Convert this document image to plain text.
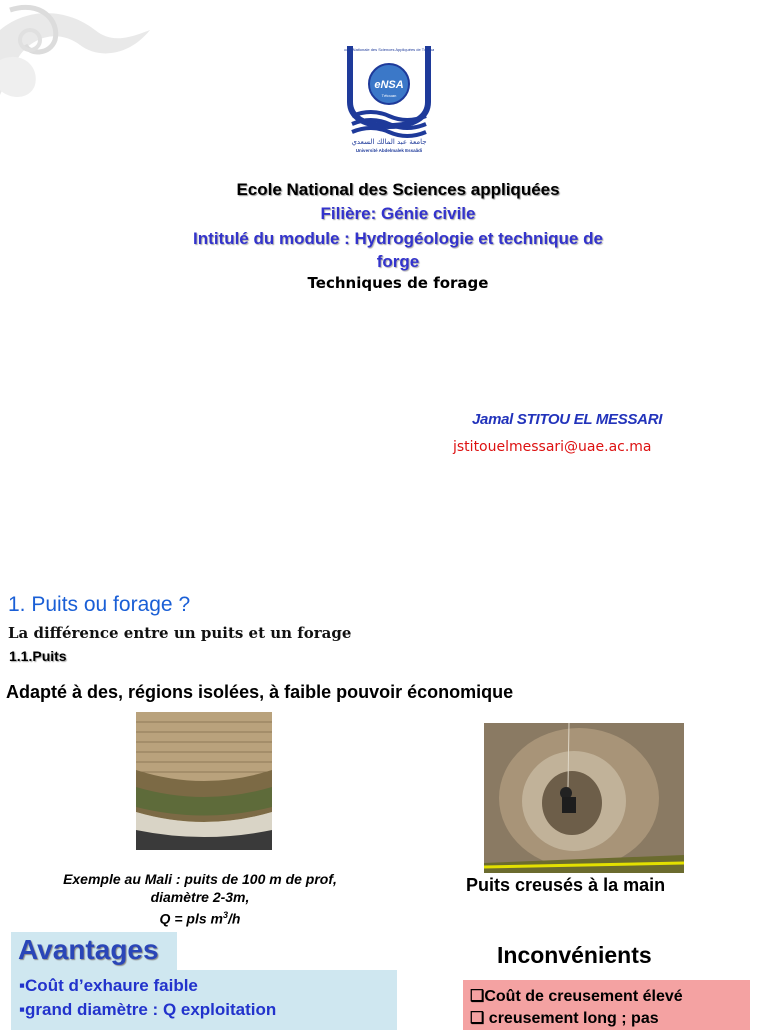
Ecole Nationale des Sciences Appliquées de Tétouan
eNSA
Tétouan
جامعة عبد المالك السعدي
Université Abdelmalek Essaâdi
Ecole National des Sciences appliquées
Filière: Génie civile
Intitulé du module : Hydrogéologie et technique de
forge
Techniques de forage
Jamal STITOU EL MESSARI
jstitouelmessari@uae.ac.ma
1. Puits ou forage ?
La différence entre un puits et un forage
1.1.Puits
Adapté à des, régions isolées, à faible pouvoir économique
Exemple au Mali : puits de 100 m de prof,
diamètre 2-3m,
Q = pls $m^3/h$
Puits creusés à la main
Avantages
▪Coût d’exhaure faible
▪grand diamètre : Q exploitation
Inconvénients
❑Coût de creusement élevé
❑ creusement long ; pas
